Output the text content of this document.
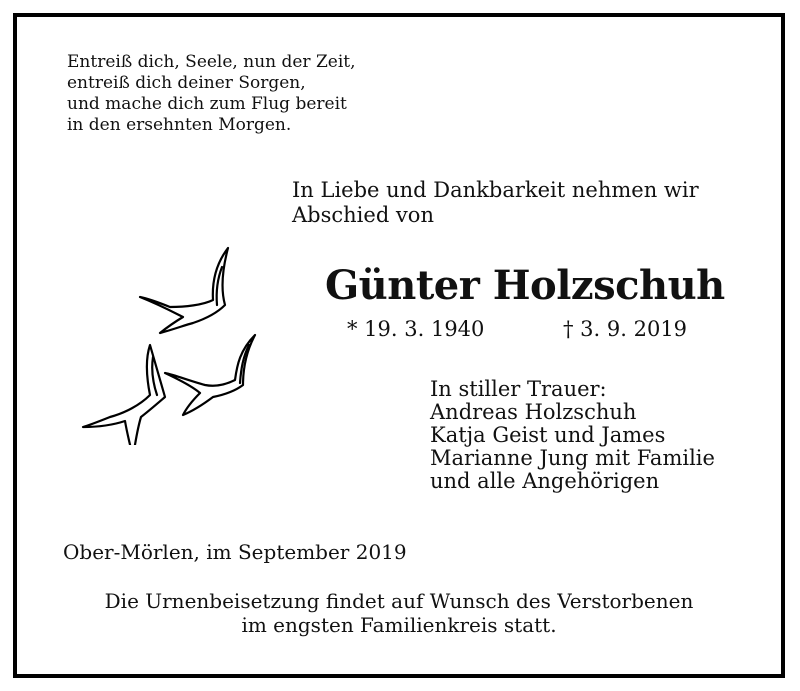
Entreiß dich, Seele, nun der Zeit,
entreiß dich deiner Sorgen,
und mache dich zum Flug bereit
in den ersehnten Morgen.
In Liebe und Dankbarkeit nehmen wir
Abschied von
Günter Holzschuh
* 19. 3. 1940	† 3. 9. 2019
In stiller Trauer:
Andreas Holzschuh
Katja Geist und James
Marianne Jung mit Familie
und alle Angehörigen
Ober-Mörlen, im September 2019
Die Urnenbeisetzung findet auf Wunsch des Verstorbenen
im engsten Familienkreis statt.
